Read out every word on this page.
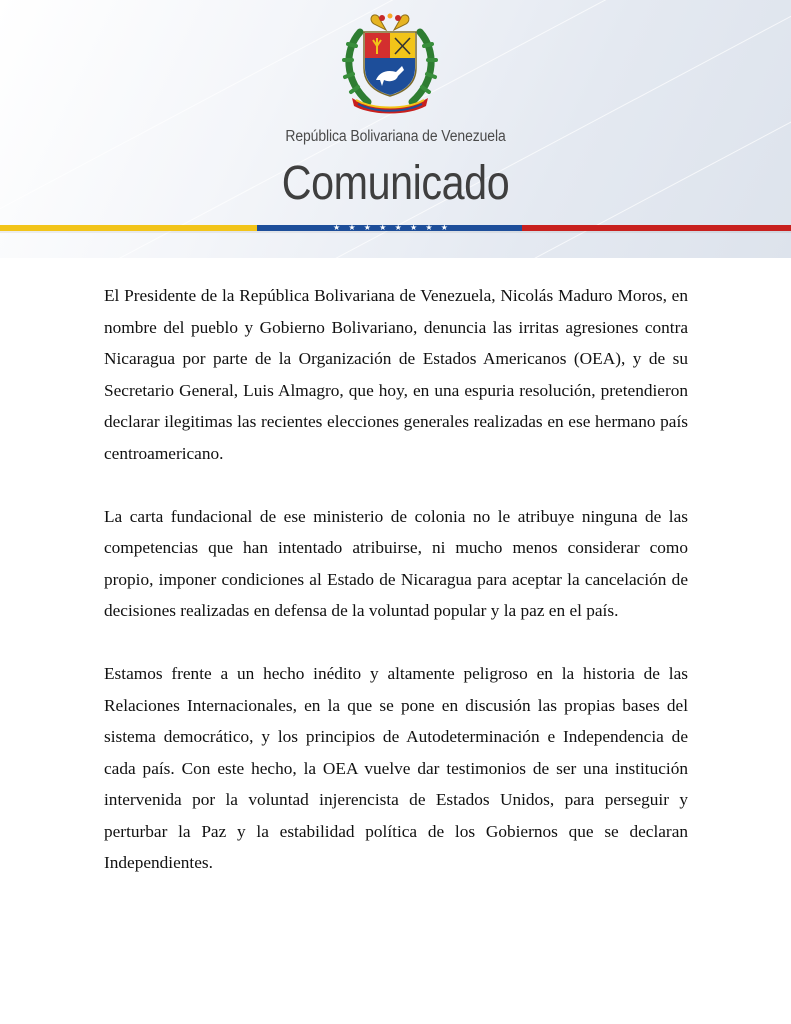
República Bolivariana de Venezuela
Comunicado
★ ★ ★ ★ ★ ★ ★ ★

El Presidente de la República Bolivariana de Venezuela, Nicolás Maduro Moros, en nombre del pueblo y Gobierno Bolivariano, denuncia las irritas agresiones contra Nicaragua por parte de la Organización de Estados Americanos (OEA), y de su Secretario General, Luis Almagro, que hoy, en una espuria resolución, pretendieron declarar ilegitimas las recientes elecciones generales realizadas en ese hermano país centroamericano.

La carta fundacional de ese ministerio de colonia no le atribuye ninguna de las competencias que han intentado atribuirse, ni mucho menos considerar como propio, imponer condiciones al Estado de Nicaragua para aceptar la cancelación de decisiones realizadas en defensa de la voluntad popular y la paz en el país.

Estamos frente a un hecho inédito y altamente peligroso en la historia de las Relaciones Internacionales, en la que se pone en discusión las propias bases del sistema democrático, y los principios de Autodeterminación e Independencia de cada país. Con este hecho, la OEA vuelve dar testimonios de ser una institución intervenida por la voluntad injerencista de Estados Unidos, para perseguir y perturbar la Paz y la estabilidad política de los Gobiernos que se declaran Independientes.
